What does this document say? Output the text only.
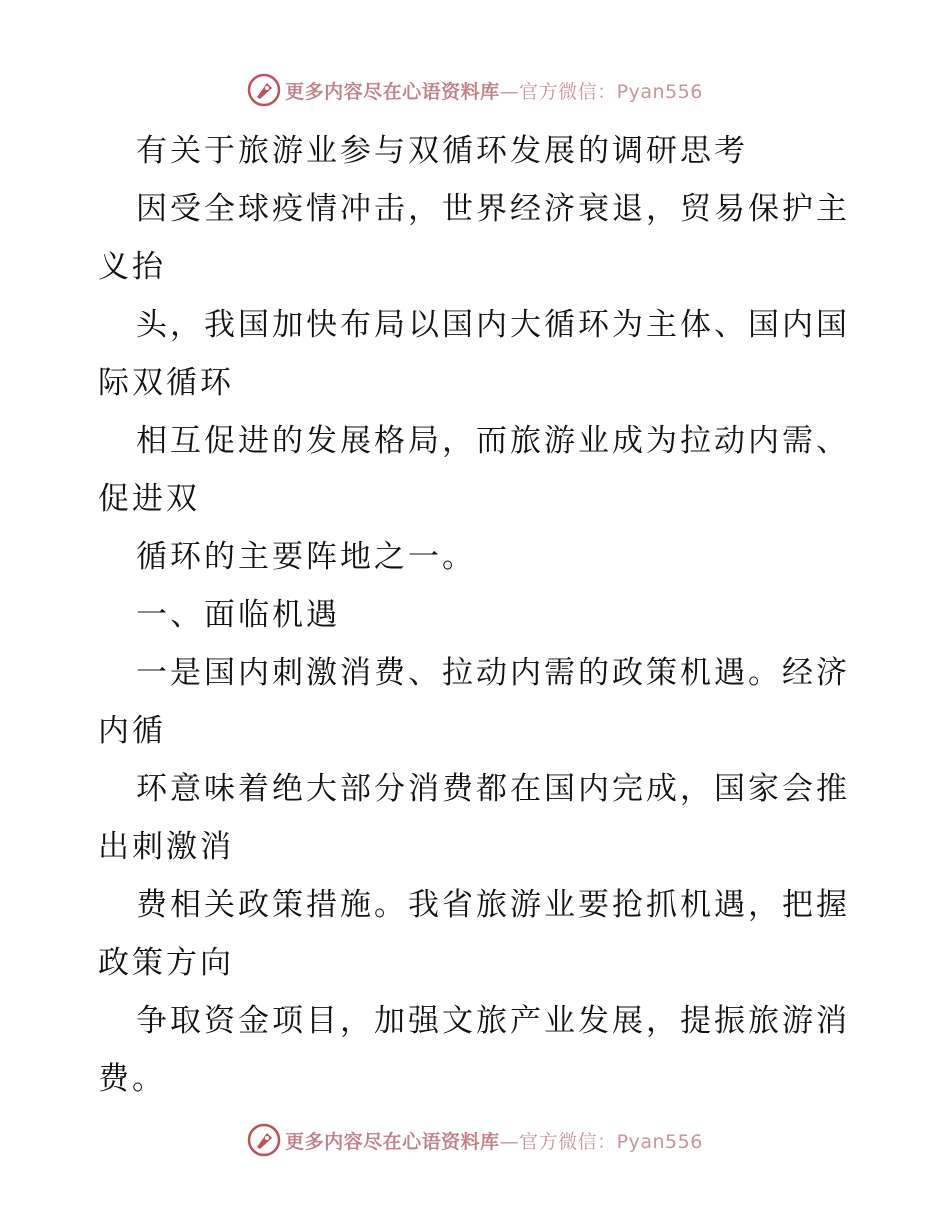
更多内容尽在心语资料库—官方微信：Pyan556
有关于旅游业参与双循环发展的调研思考
因受全球疫情冲击，世界经济衰退，贸易保护主
义抬
头，我国加快布局以国内大循环为主体、国内国
际双循环
相互促进的发展格局，而旅游业成为拉动内需、
促进双
循环的主要阵地之一。
一、面临机遇
一是国内刺激消费、拉动内需的政策机遇。经济
内循
环意味着绝大部分消费都在国内完成，国家会推
出刺激消
费相关政策措施。我省旅游业要抢抓机遇，把握
政策方向
争取资金项目，加强文旅产业发展，提振旅游消
费。
更多内容尽在心语资料库—官方微信：Pyan556
